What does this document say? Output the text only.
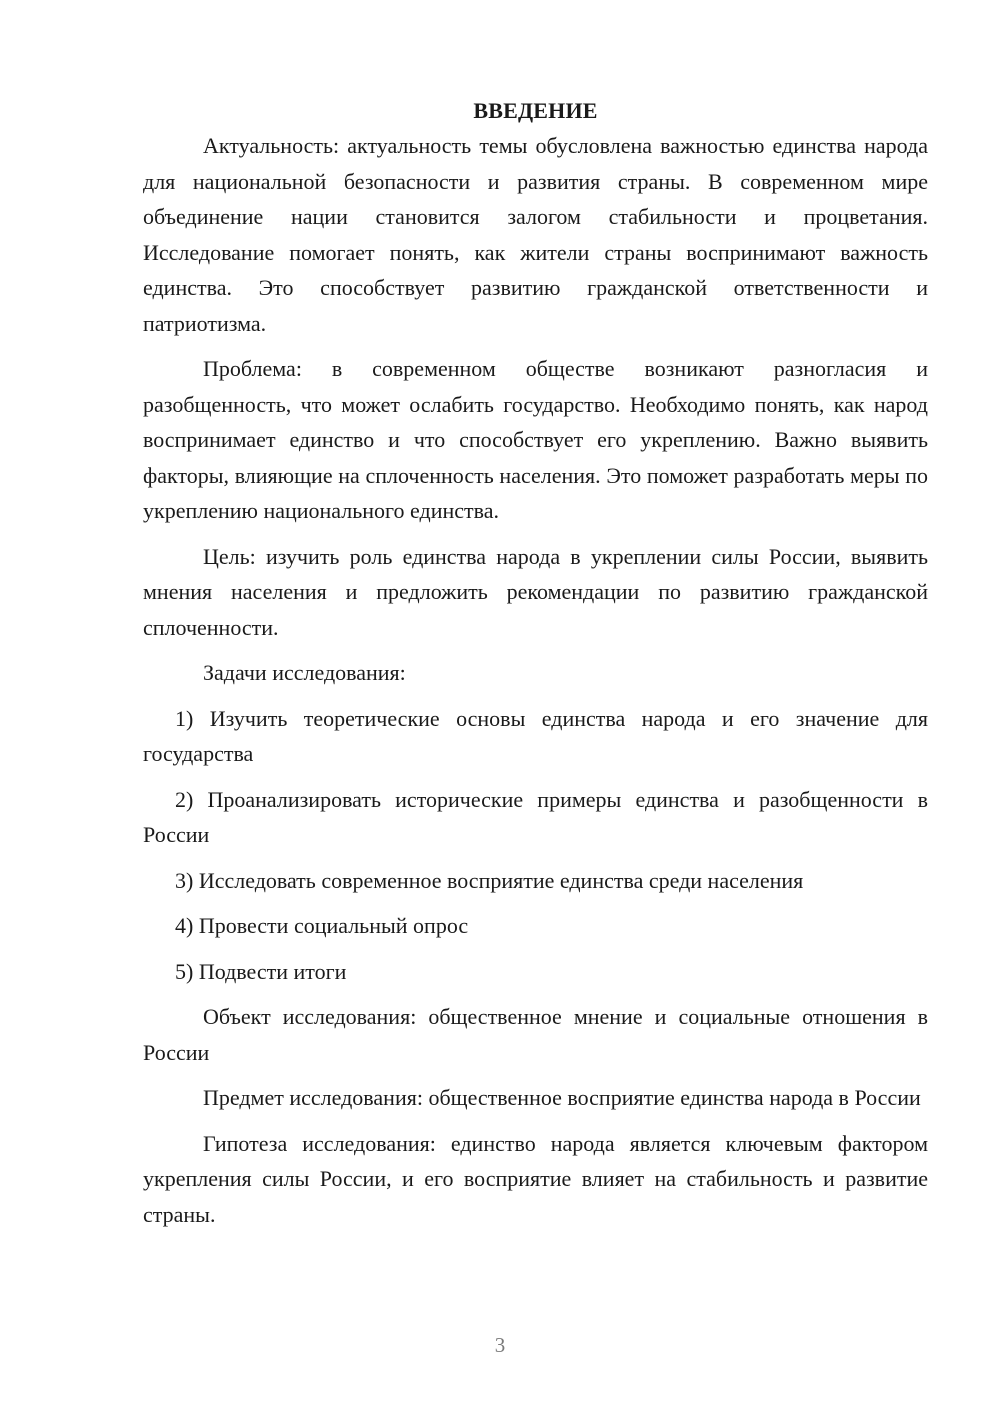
ВВЕДЕНИЕ

Актуальность: актуальность темы обусловлена важностью единства народа для национальной безопасности и развития страны. В современном мире объединение нации становится залогом стабильности и процветания. Исследование помогает понять, как жители страны воспринимают важность единства. Это способствует развитию гражданской ответственности и патриотизма.

Проблема: в современном обществе возникают разногласия и разобщенность, что может ослабить государство. Необходимо понять, как народ воспринимает единство и что способствует его укреплению. Важно выявить факторы, влияющие на сплоченность населения. Это поможет разработать меры по укреплению национального единства.

Цель: изучить роль единства народа в укреплении силы России, выявить мнения населения и предложить рекомендации по развитию гражданской сплоченности.

Задачи исследования:

1) Изучить теоретические основы единства народа и его значение для государства

2) Проанализировать исторические примеры единства и разобщенности в России

3) Исследовать современное восприятие единства среди населения

4) Провести социальный опрос

5) Подвести итоги

Объект исследования: общественное мнение и социальные отношения в России

Предмет исследования: общественное восприятие единства народа в России

Гипотеза исследования: единство народа является ключевым фактором укрепления силы России, и его восприятие влияет на стабильность и развитие страны.

3
